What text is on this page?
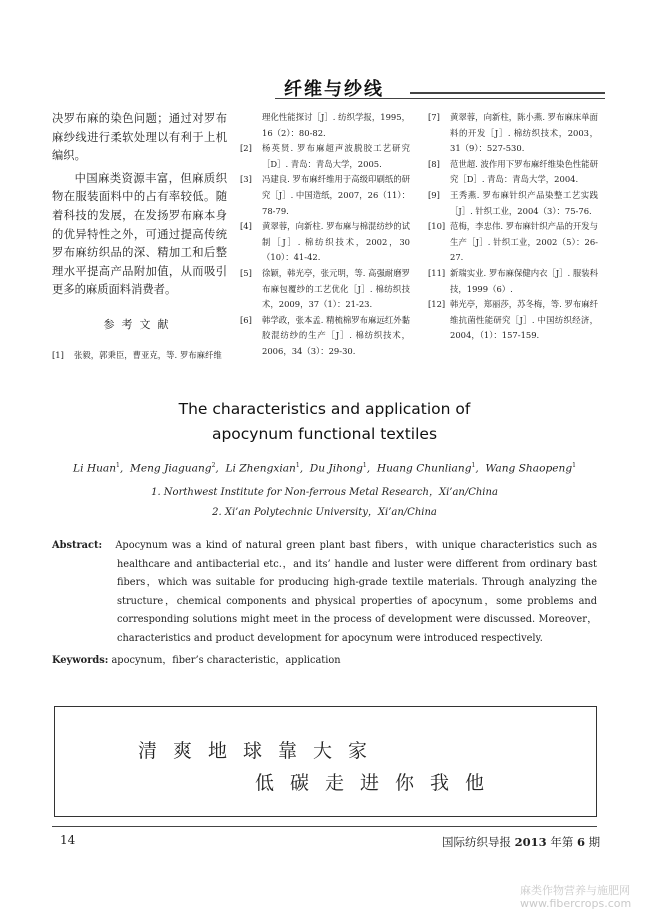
纤维与纱线

决罗布麻的染色问题；通过对罗布麻纱线进行柔软处理以有利于上机编织。

中国麻类资源丰富，但麻质织物在服装面料中的占有率较低。随着科技的发展，在发扬罗布麻本身的优异特性之外，可通过提高传统罗布麻纺织品的深、精加工和后整理水平提高产品附加值，从而吸引更多的麻质面料消费者。

参考文献
[1]	张毅，郭秉臣，曹亚克，等. 罗布麻纤维
理化性能探讨［J］. 纺织学报，1995，16（2）：80-82.
[2]	杨英贤. 罗布麻超声波脱胶工艺研究［D］. 青岛：青岛大学，2005.
[3]	冯建良. 罗布麻纤维用于高级印刷纸的研究［J］. 中国造纸，2007，26（11）：78-79.
[4]	黄翠蓉，向新柱. 罗布麻与棉混纺纱的试制［J］. 棉纺织技术，2002，30（10）：41-42.
[5]	徐颖，韩光亭，张元明，等. 高强耐磨罗布麻包覆纱的工艺优化［J］. 棉纺织技术，2009，37（1）：21-23.
[6]	韩学政，张本孟. 精梳棉罗布麻远红外黏胶混纺纱的生产［J］. 棉纺织技术，2006，34（3）：29-30.
[7]	黄翠蓉，向新柱，陈小燕. 罗布麻床单面料的开发［J］. 棉纺织技术，2003，31（9）：527-530.
[8]	范世超. 波作用下罗布麻纤维染色性能研究［D］. 青岛：青岛大学，2004.
[9]	王秀燕. 罗布麻针织产品染整工艺实践［J］. 针织工业，2004（3）：75-76.
[10] 范梅，李忠伟. 罗布麻针织产品的开发与生产［J］. 针织工业，2002（5）：26-27.
[11] 新瑞实业. 罗布麻保健内衣［J］. 服装科技，1999（6）.
[12] 韩光亭，郑丽莎，苏冬梅，等. 罗布麻纤维抗菌性能研究［J］. 中国纺织经济，2004，（1）：157-159.
The characteristics and application of
apocynum functional textiles
Li Huan$^1$,  Meng Jiaguang$^2$,  Li Zhengxian$^1$,  Du Jihong$^1$,  Huang Chunliang$^1$,  Wang Shaopeng$^1$
1. Northwest Institute for Non-ferrous Metal Research，Xi’an/China
2. Xi’an Polytechnic University，Xi’an/China
Abstract: Apocynum was a kind of natural green plant bast fibers，with unique characteristics such as healthcare and antibacterial etc.，and its’ handle and luster were different from ordinary bast fibers，which was suitable for producing high-grade textile materials. Through analyzing the structure，chemical components and physical properties of apocynum，some problems and corresponding solutions might meet in the process of development were discussed. Moreover，characteristics and product development for apocynum were introduced respectively.
Keywords: apocynum，fiber’s characteristic，application
清爽地球靠大家
低碳走进你我他
14	国际纺织导报 2013 年第 6 期
麻类作物营养与施肥网
www.fibercrops.com
